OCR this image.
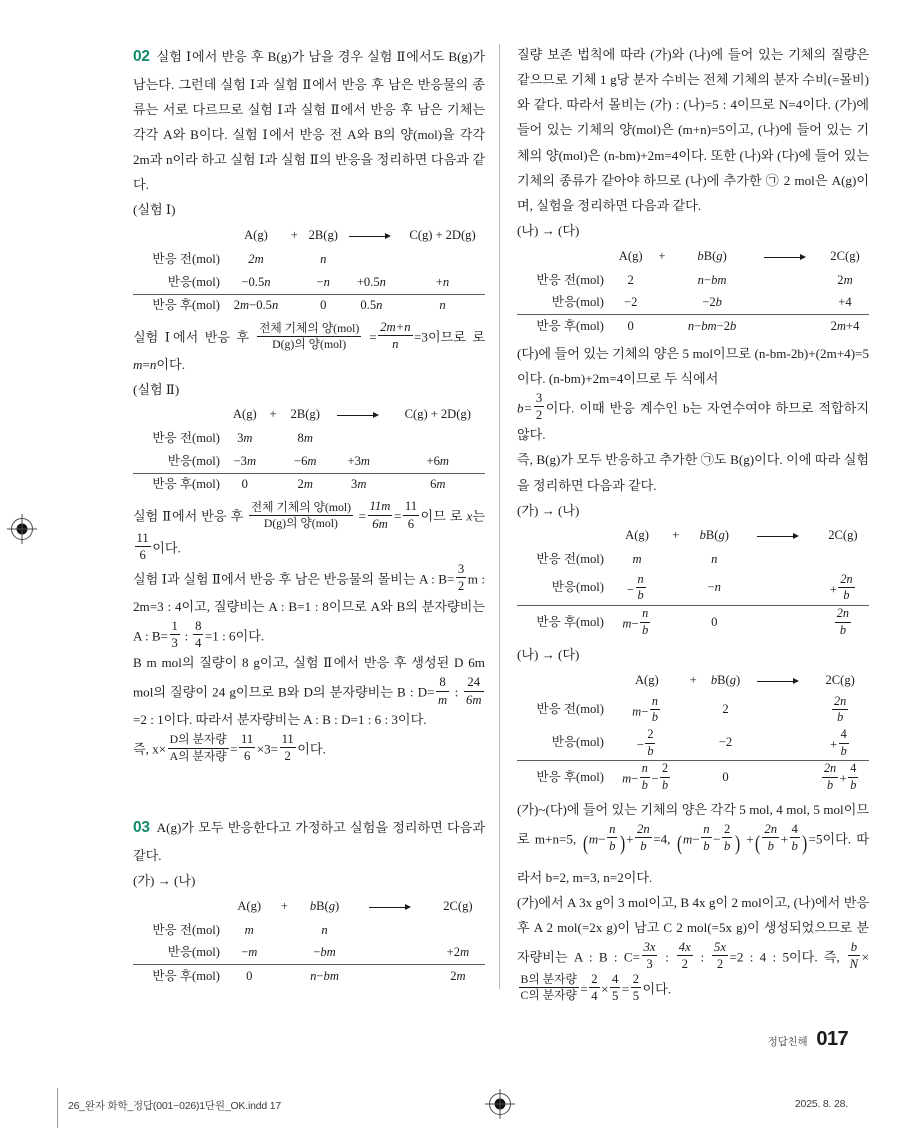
02 실험 Ⅰ에서 반응 후 B(g)가 남을 경우 실험 Ⅱ에서도 B(g)가 남는다. 그런데 실험 Ⅰ과 실험 Ⅱ에서 반응 후 남은 반응물의 종류는 서로 다르므로 실험 Ⅰ과 실험 Ⅱ에서 반응 후 남은 기체는 각각 A와 B이다. 실험 Ⅰ에서 반응 전 A와 B의 양(mol)을 각각 2m과 n이라 하고 실험 Ⅰ과 실험 Ⅱ의 반응을 정리하면 다음과 같다.

(실험 Ⅰ)

	A(g)	+	2B(g)		C(g) + 2D(g)
반응 전(mol)	2m		n		
반응(mol)	−0.5n		−n	+0.5n	+n
반응 후(mol)	2m−0.5n		0	0.5n	n

실험 Ⅰ에서 반응 후 $\frac{\text{전체 기체의 양(mol)}}{\text{D(g)의 양(mol)}} = \frac{2m+n}{n} =3$이므로 로 m=n이다.

(실험 Ⅱ)

	A(g)	+	2B(g)		C(g) + 2D(g)
반응 전(mol)	3m		8m		
반응(mol)	−3m		−6m	+3m	+6m
반응 후(mol)	0		2m	3m	6m

실험 Ⅱ에서 반응 후 $\frac{\text{전체 기체의 양(mol)}}{\text{D(g)의 양(mol)}} = \frac{11m}{6m} = \frac{11}{6}$ 이므 로 x는
$\frac{11}{6}$ 이다.

실험 Ⅰ과 실험 Ⅱ에서 반응 후 남은 반응물의 몰비는 A : $B= \frac{3}{2}$ m : 2m=3 : 4이고, 질량비는 A : B=1 : 8이므로 A와 B의 분자량비는 A : $B= \frac{1}{3}$ : $\frac{8}{4} =1$ : 6이다.

B m mol의 질량이 8 g이고, 실험 Ⅱ에서 반응 후 생성된 D 6m mol의 질량이 24 g이므로 B와 D의 분자량비는 B : $D= \frac{8}{m}$ : $\frac{24}{6m}$
=2 : 1이다. 따라서 분자량비는 A : B : D=1 : 6 : 3이다.

즉, $x\times \frac{\text{D의 분자량}}{\text{A의 분자량}} = \frac{11}{6} \times 3= \frac{11}{2}$ 이다.

03 A(g)가 모두 반응한다고 가정하고 실험을 정리하면 다음과 같다.

(가) → (나)

	A(g)	+	bB(g)		2C(g)
반응 전(mol)	m		n		
반응(mol)	−m		−bm		+2m
반응 후(mol)	0		n−bm		2m

질량 보존 법칙에 따라 (가)와 (나)에 들어 있는 기체의 질량은 같으므로 기체 1 g당 분자 수비는 전체 기체의 분자 수비(=몰비)와 같다. 따라서 몰비는 (가) : (나)=5 : 4이므로 N=4이다. (가)에 들어 있는 기체의 양(mol)은 (m+n)=5이고, (나)에 들어 있는 기체의 양(mol)은 (n-bm)+2m=4이다. 또한 (나)와 (다)에 들어 있는 기체의 종류가 같아야 하므로 (나)에 추가한 ㉠ 2 mol은 A(g)이며, 실험을 정리하면 다음과 같다.

(나) → (다)

	A(g)	+	bB(g)		2C(g)
반응 전(mol)	2		n−bm		2m
반응(mol)	−2		−2b		+4
반응 후(mol)	0		n−bm−2b		2m+4

(다)에 들어 있는 기체의 양은 5 mol이므로 (n-bm-2b)+(2m+4)=5이다. (n-bm)+2m=4이므로 두 식에서

$b= \frac{3}{2}$ 이다. 이때 반응 계수인 b는 자연수여야 하므로 적합하지 않다.

즉, B(g)가 모두 반응하고 추가한 ㉠도 B(g)이다. 이에 따라 실험을 정리하면 다음과 같다.

(가) → (나)

	A(g)	+	bB(g)		2C(g)
반응 전(mol)	m		n		
반응(mol)	− $\frac{n}{b}$		−n		+ $\frac{2n}{b}$

반응 후(mol)	$m- \frac{n}{b}$		0		$\frac{2n}{b}$

(나) → (다)

	A(g)	+	bB(g)		2C(g)
반응 전(mol)	$m- \frac{n}{b}$		2		$\frac{2n}{b}$

반응(mol)	− $\frac{2}{b}$		−2		+ $\frac{4}{b}$

반응 후(mol)	$m- \frac{n}{b} - \frac{2}{b}$		0		$\frac{2n}{b} + \frac{4}{b}$

(가)~(다)에 들어 있는 기체의 양은 각각 5 mol, 4 mol, 5 mol이므로 m+n=5, ($m- \frac{n}{b}$ )+ $\frac{2n}{b} =4$, ($m- \frac{n}{b} - \frac{2}{b}$ ) +( $\frac{2n}{b} + \frac{4}{b} )=5$이다. 따라서 b=2, m=3, n=2이다.

(가)에서 A 3x g이 3 mol이고, B 4x g이 2 mol이고, (나)에서 반응 후 A 2 mol(=2x g)이 남고 C 2 mol(=5x g)이 생성되었으므로 분자량비는 A : B : $C= \frac{3x}{3}$ : $\frac{4x}{2}$ : $\frac{5x}{2} =2$ : 4 : 5이다. 즉, $\frac{b}{N}$ ×
$\frac{\text{B의 분자량}}{\text{C의 분자량}} = \frac{2}{4} \times \frac{4}{5} = \frac{2}{5}$ 이다.

정답친해 017
26_완자 화학_정답(001~026)1단원_OK.indd 17	2025. 8. 28.
